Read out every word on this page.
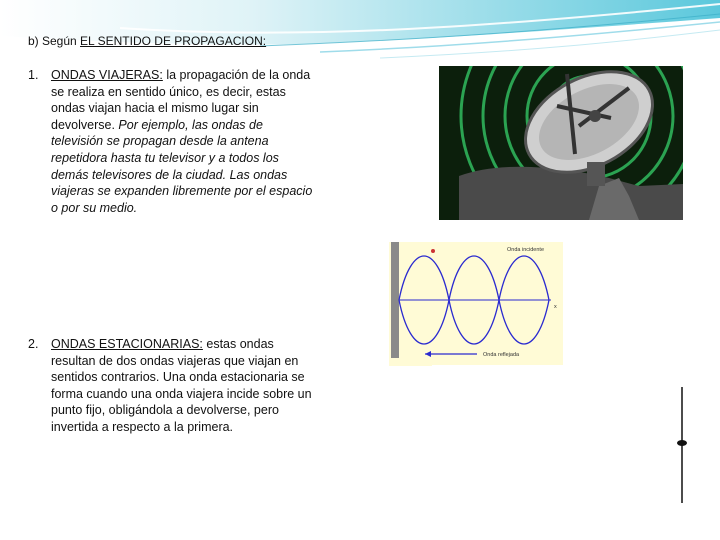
b) Según EL SENTIDO DE PROPAGACION:
1. ONDAS VIAJERAS: la propagación de la onda se realiza en sentido único, es decir, estas ondas viajan hacia el mismo lugar sin devolverse. Por ejemplo, las ondas de televisión se propagan desde la antena repetidora hasta tu televisor y a todos los demás televisores de la ciudad. Las ondas viajeras se expanden libremente por el espacio o por su medio.
2. ONDAS ESTACIONARIAS: estas ondas resultan de dos ondas viajeras que viajan en sentidos contrarios. Una onda estacionaria se forma cuando una onda viajera incide sobre un punto fijo, obligándola a devolverse, pero invertida a respecto a la primera.
Onda incidente
Onda reflejada
x
